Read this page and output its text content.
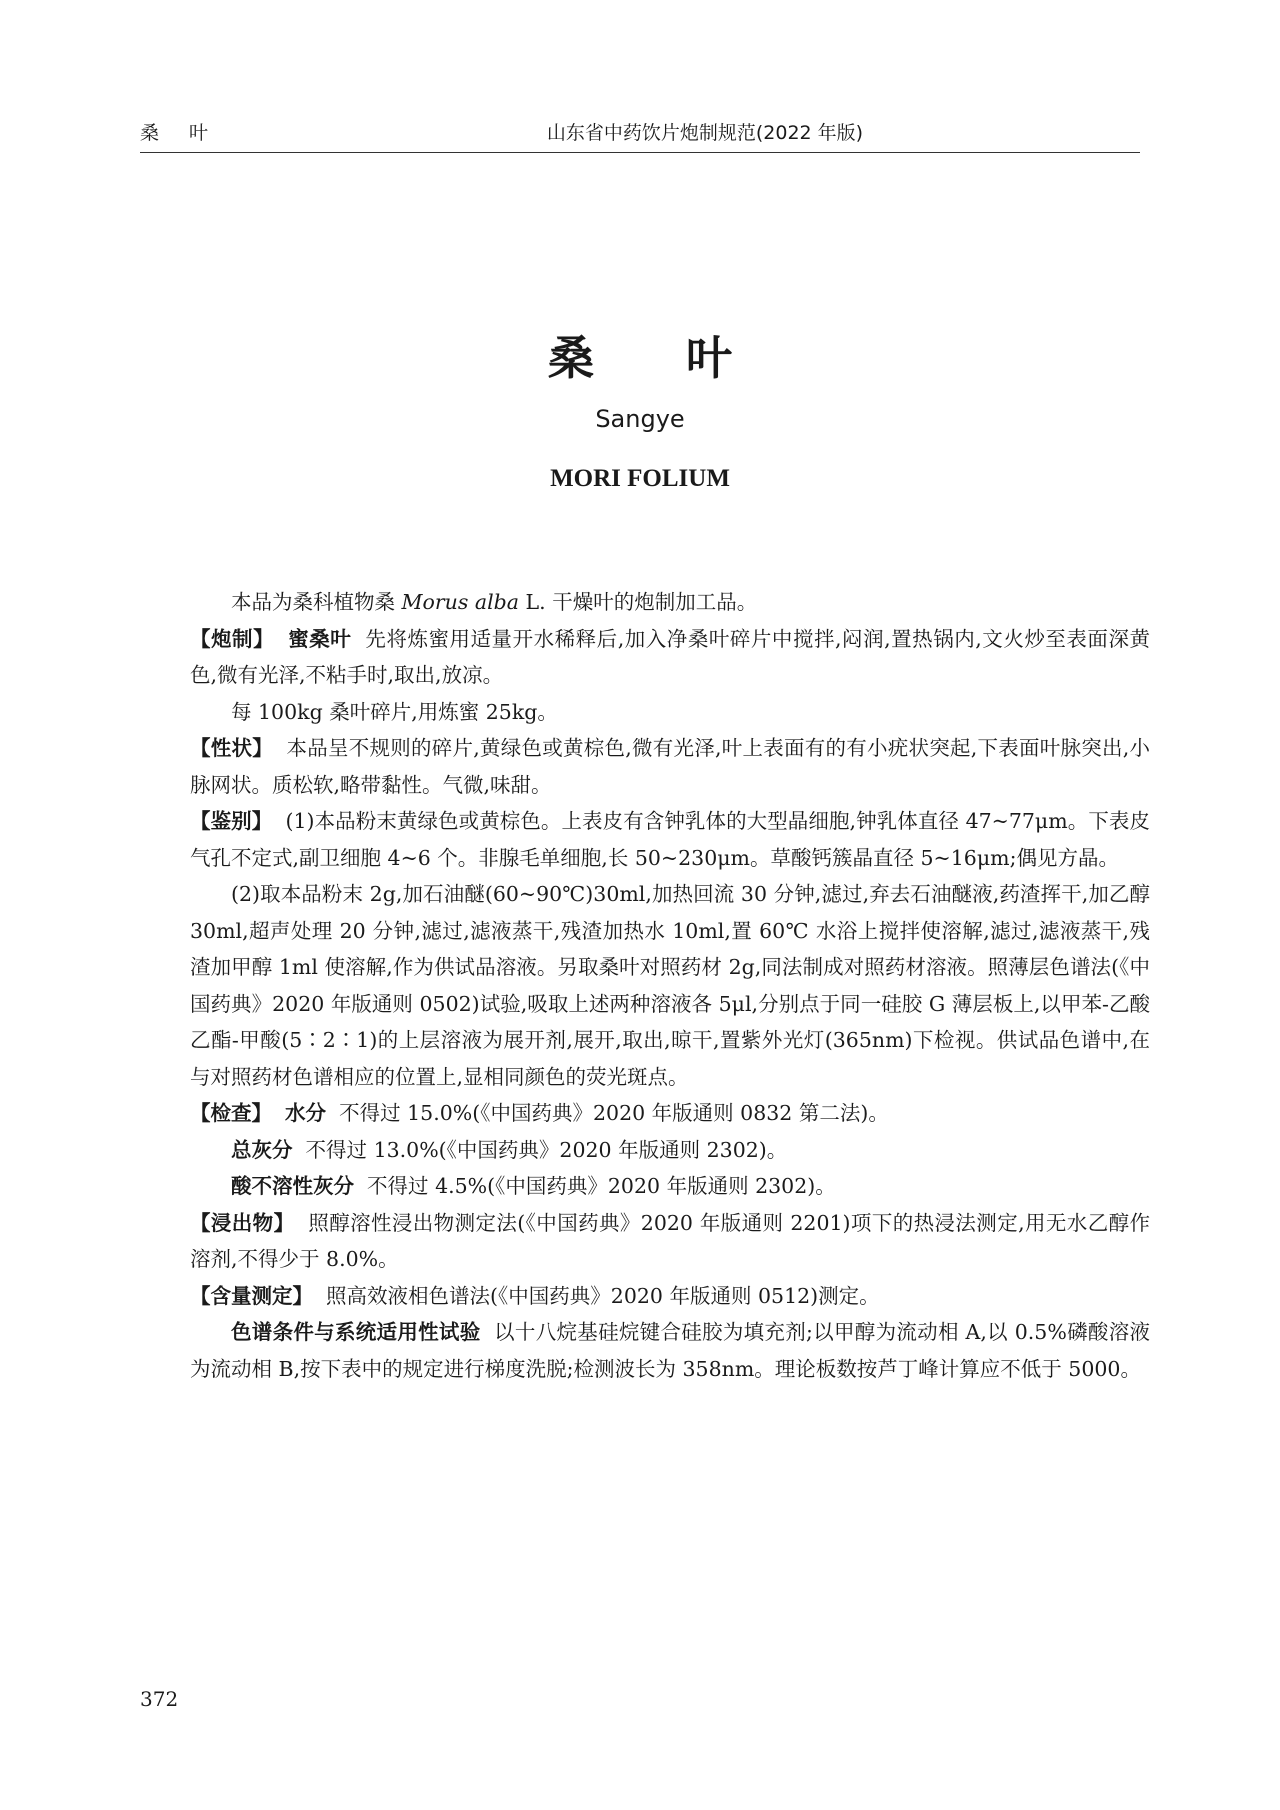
桑 叶	山东省中药饮片炮制规范(2022 年版)
桑 叶
Sangye
MORI FOLIUM

本品为桑科植物桑 Morus alba L. 干燥叶的炮制加工品。

【炮制】 蜜桑叶 先将炼蜜用适量开水稀释后,加入净桑叶碎片中搅拌,闷润,置热锅内,文火炒至表面深黄色,微有光泽,不粘手时,取出,放凉。

每 100kg 桑叶碎片,用炼蜜 25kg。

【性状】 本品呈不规则的碎片,黄绿色或黄棕色,微有光泽,叶上表面有的有小疣状突起,下表面叶脉突出,小脉网状。质松软,略带黏性。气微,味甜。

【鉴别】 (1)本品粉末黄绿色或黄棕色。上表皮有含钟乳体的大型晶细胞,钟乳体直径 47~77μm。下表皮气孔不定式,副卫细胞 4~6 个。非腺毛单细胞,长 50~230μm。草酸钙簇晶直径 5~16μm;偶见方晶。

(2)取本品粉末 2g,加石油醚(60~90℃)30ml,加热回流 30 分钟,滤过,弃去石油醚液,药渣挥干,加乙醇 30ml,超声处理 20 分钟,滤过,滤液蒸干,残渣加热水 10ml,置 60℃ 水浴上搅拌使溶解,滤过,滤液蒸干,残渣加甲醇 1ml 使溶解,作为供试品溶液。另取桑叶对照药材 2g,同法制成对照药材溶液。照薄层色谱法(《中国药典》2020 年版通则 0502)试验,吸取上述两种溶液各 5μl,分别点于同一硅胶 G 薄层板上,以甲苯-乙酸乙酯-甲酸(5∶2∶1)的上层溶液为展开剂,展开,取出,晾干,置紫外光灯(365nm)下检视。供试品色谱中,在与对照药材色谱相应的位置上,显相同颜色的荧光斑点。

【检查】 水分 不得过 15.0%(《中国药典》2020 年版通则 0832 第二法)。

总灰分 不得过 13.0%(《中国药典》2020 年版通则 2302)。

酸不溶性灰分 不得过 4.5%(《中国药典》2020 年版通则 2302)。

【浸出物】 照醇溶性浸出物测定法(《中国药典》2020 年版通则 2201)项下的热浸法测定,用无水乙醇作溶剂,不得少于 8.0%。

【含量测定】 照高效液相色谱法(《中国药典》2020 年版通则 0512)测定。

色谱条件与系统适用性试验 以十八烷基硅烷键合硅胶为填充剂;以甲醇为流动相 A,以 0.5%磷酸溶液为流动相 B,按下表中的规定进行梯度洗脱;检测波长为 358nm。理论板数按芦丁峰计算应不低于 5000。

372
